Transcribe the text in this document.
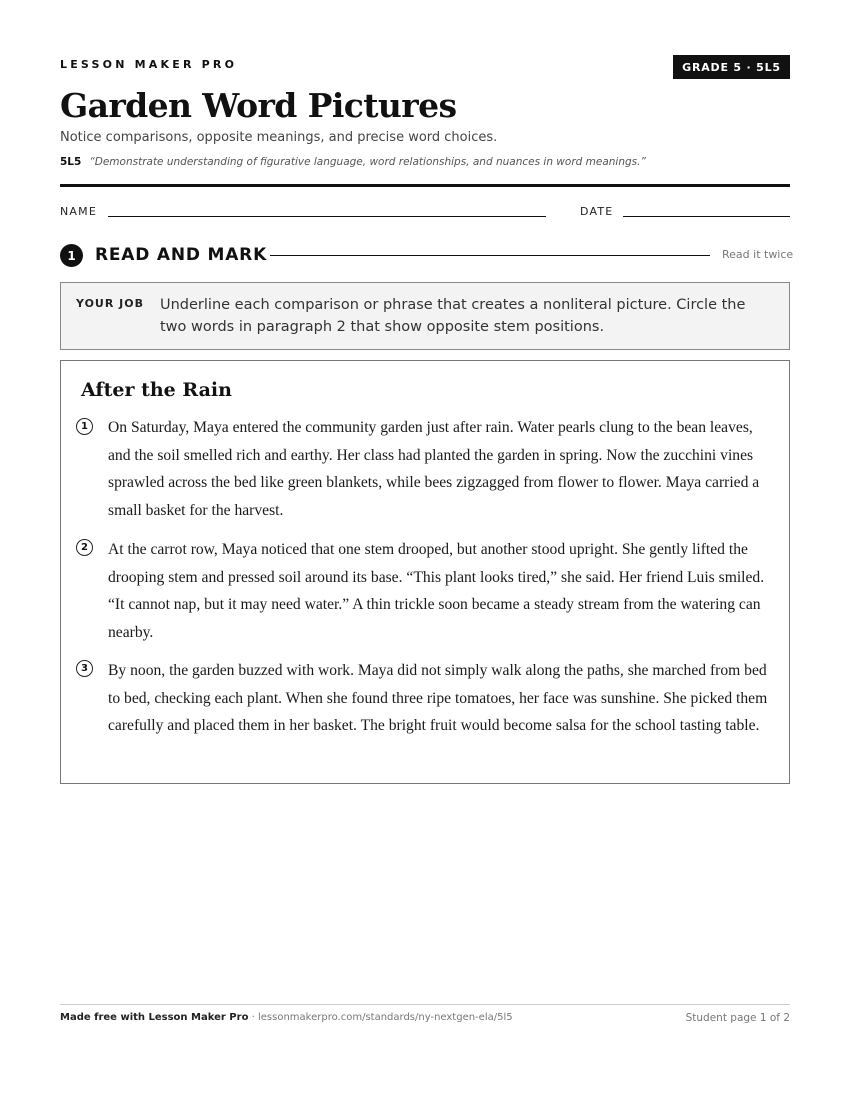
LESSON MAKER PRO	GRADE 5 · 5L5
Garden Word Pictures
Notice comparisons, opposite meanings, and precise word choices.
5L5 “Demonstrate understanding of figurative language, word relationships, and nuances in word meanings.”
NAME	DATE
1	READ AND MARK	Read it twice
YOUR JOB Underline each comparison or phrase that creates a nonliteral picture. Circle the two words in paragraph 2 that show opposite stem positions.
After the Rain
1	On Saturday, Maya entered the community garden just after rain. Water pearls clung to the bean leaves, and the soil smelled rich and earthy. Her class had planted the garden in spring. Now the zucchini vines sprawled across the bed like green blankets, while bees zigzagged from flower to flower. Maya carried a small basket for the harvest.
2	At the carrot row, Maya noticed that one stem drooped, but another stood upright. She gently lifted the drooping stem and pressed soil around its base. “This plant looks tired,” she said. Her friend Luis smiled. “It cannot nap, but it may need water.” A thin trickle soon became a steady stream from the watering can nearby.
3	By noon, the garden buzzed with work. Maya did not simply walk along the paths, she marched from bed to bed, checking each plant. When she found three ripe tomatoes, her face was sunshine. She picked them carefully and placed them in her basket. The bright fruit would become salsa for the school tasting table.
Made free with Lesson Maker Pro · lessonmakerpro.com/standards/ny-nextgen-ela/5l5	Student page 1 of 2
